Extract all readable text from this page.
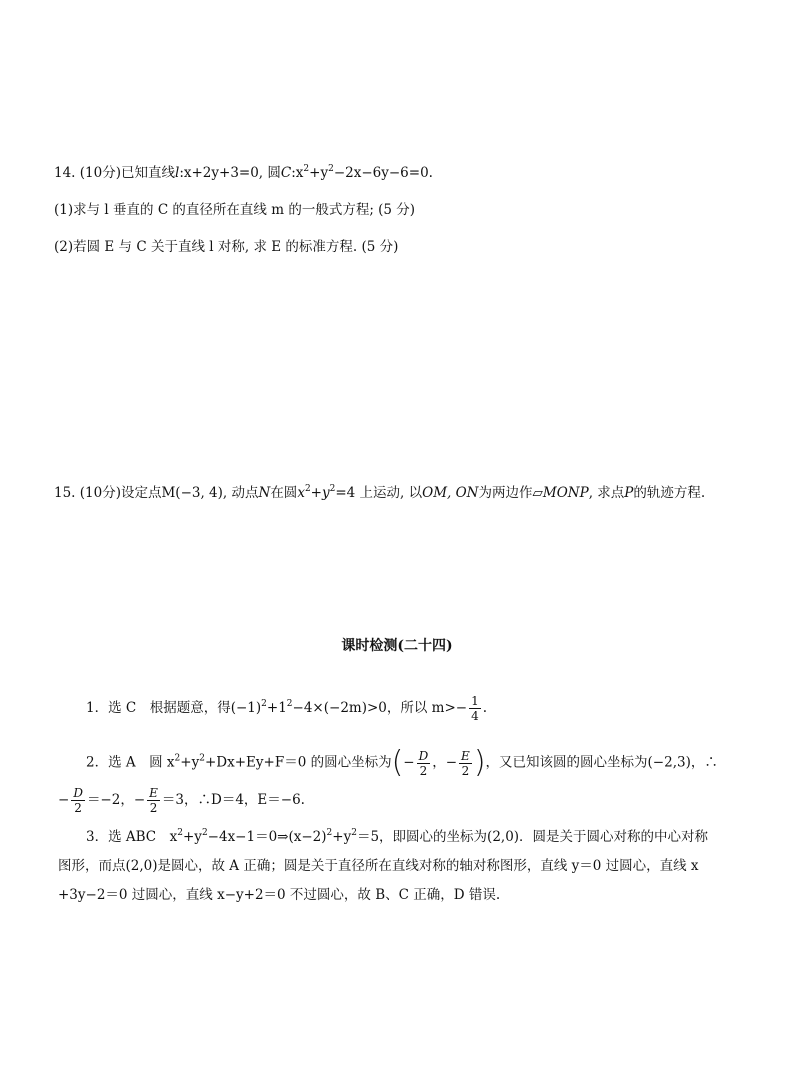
14. (10分)已知直线l:x+2y+3=0, 圆$C:x^2+y^2-2x-6y-6=0$.
(1)求与 l 垂直的 C 的直径所在直线 m 的一般式方程; (5 分)
(2)若圆 E 与 C 关于直线 l 对称, 求 E 的标准方程. (5 分)
15. (10分)设定点M(−3, 4), 动点N在圆$x^2+y^2=4$ 上运动, 以OM, ON为两边作▱MONP, 求点P的轨迹方程.
课时检测(二十四)
1．选 C　根据题意，得$(-1)^2+1^2-4\times(-2m)>0$，所以 $m>- \frac{1}{4}$ .
2．选 A　圆 $x^2+y^2+Dx+Ey+F=0$ 的圆心坐标为(− $\frac{D}{2}$ ，− $\frac{E}{2}$ )，又已知该圆的圆心坐标为(−2,3)，∴
− $\frac{D}{2} =-2$，− $\frac{E}{2} =3$，∴D＝4，E＝−6.
3．选 ABC　$x^2+y^2-4x-1=0\Rightarrow(x-2)^2+y^2=5$，即圆心的坐标为(2,0)．圆是关于圆心对称的中心对称
图形，而点(2,0)是圆心，故 A 正确；圆是关于直径所在直线对称的轴对称图形，直线 y＝0 过圆心，直线 x
+3y−2＝0 过圆心，直线 x−y+2＝0 不过圆心，故 B、C 正确，D 错误.
